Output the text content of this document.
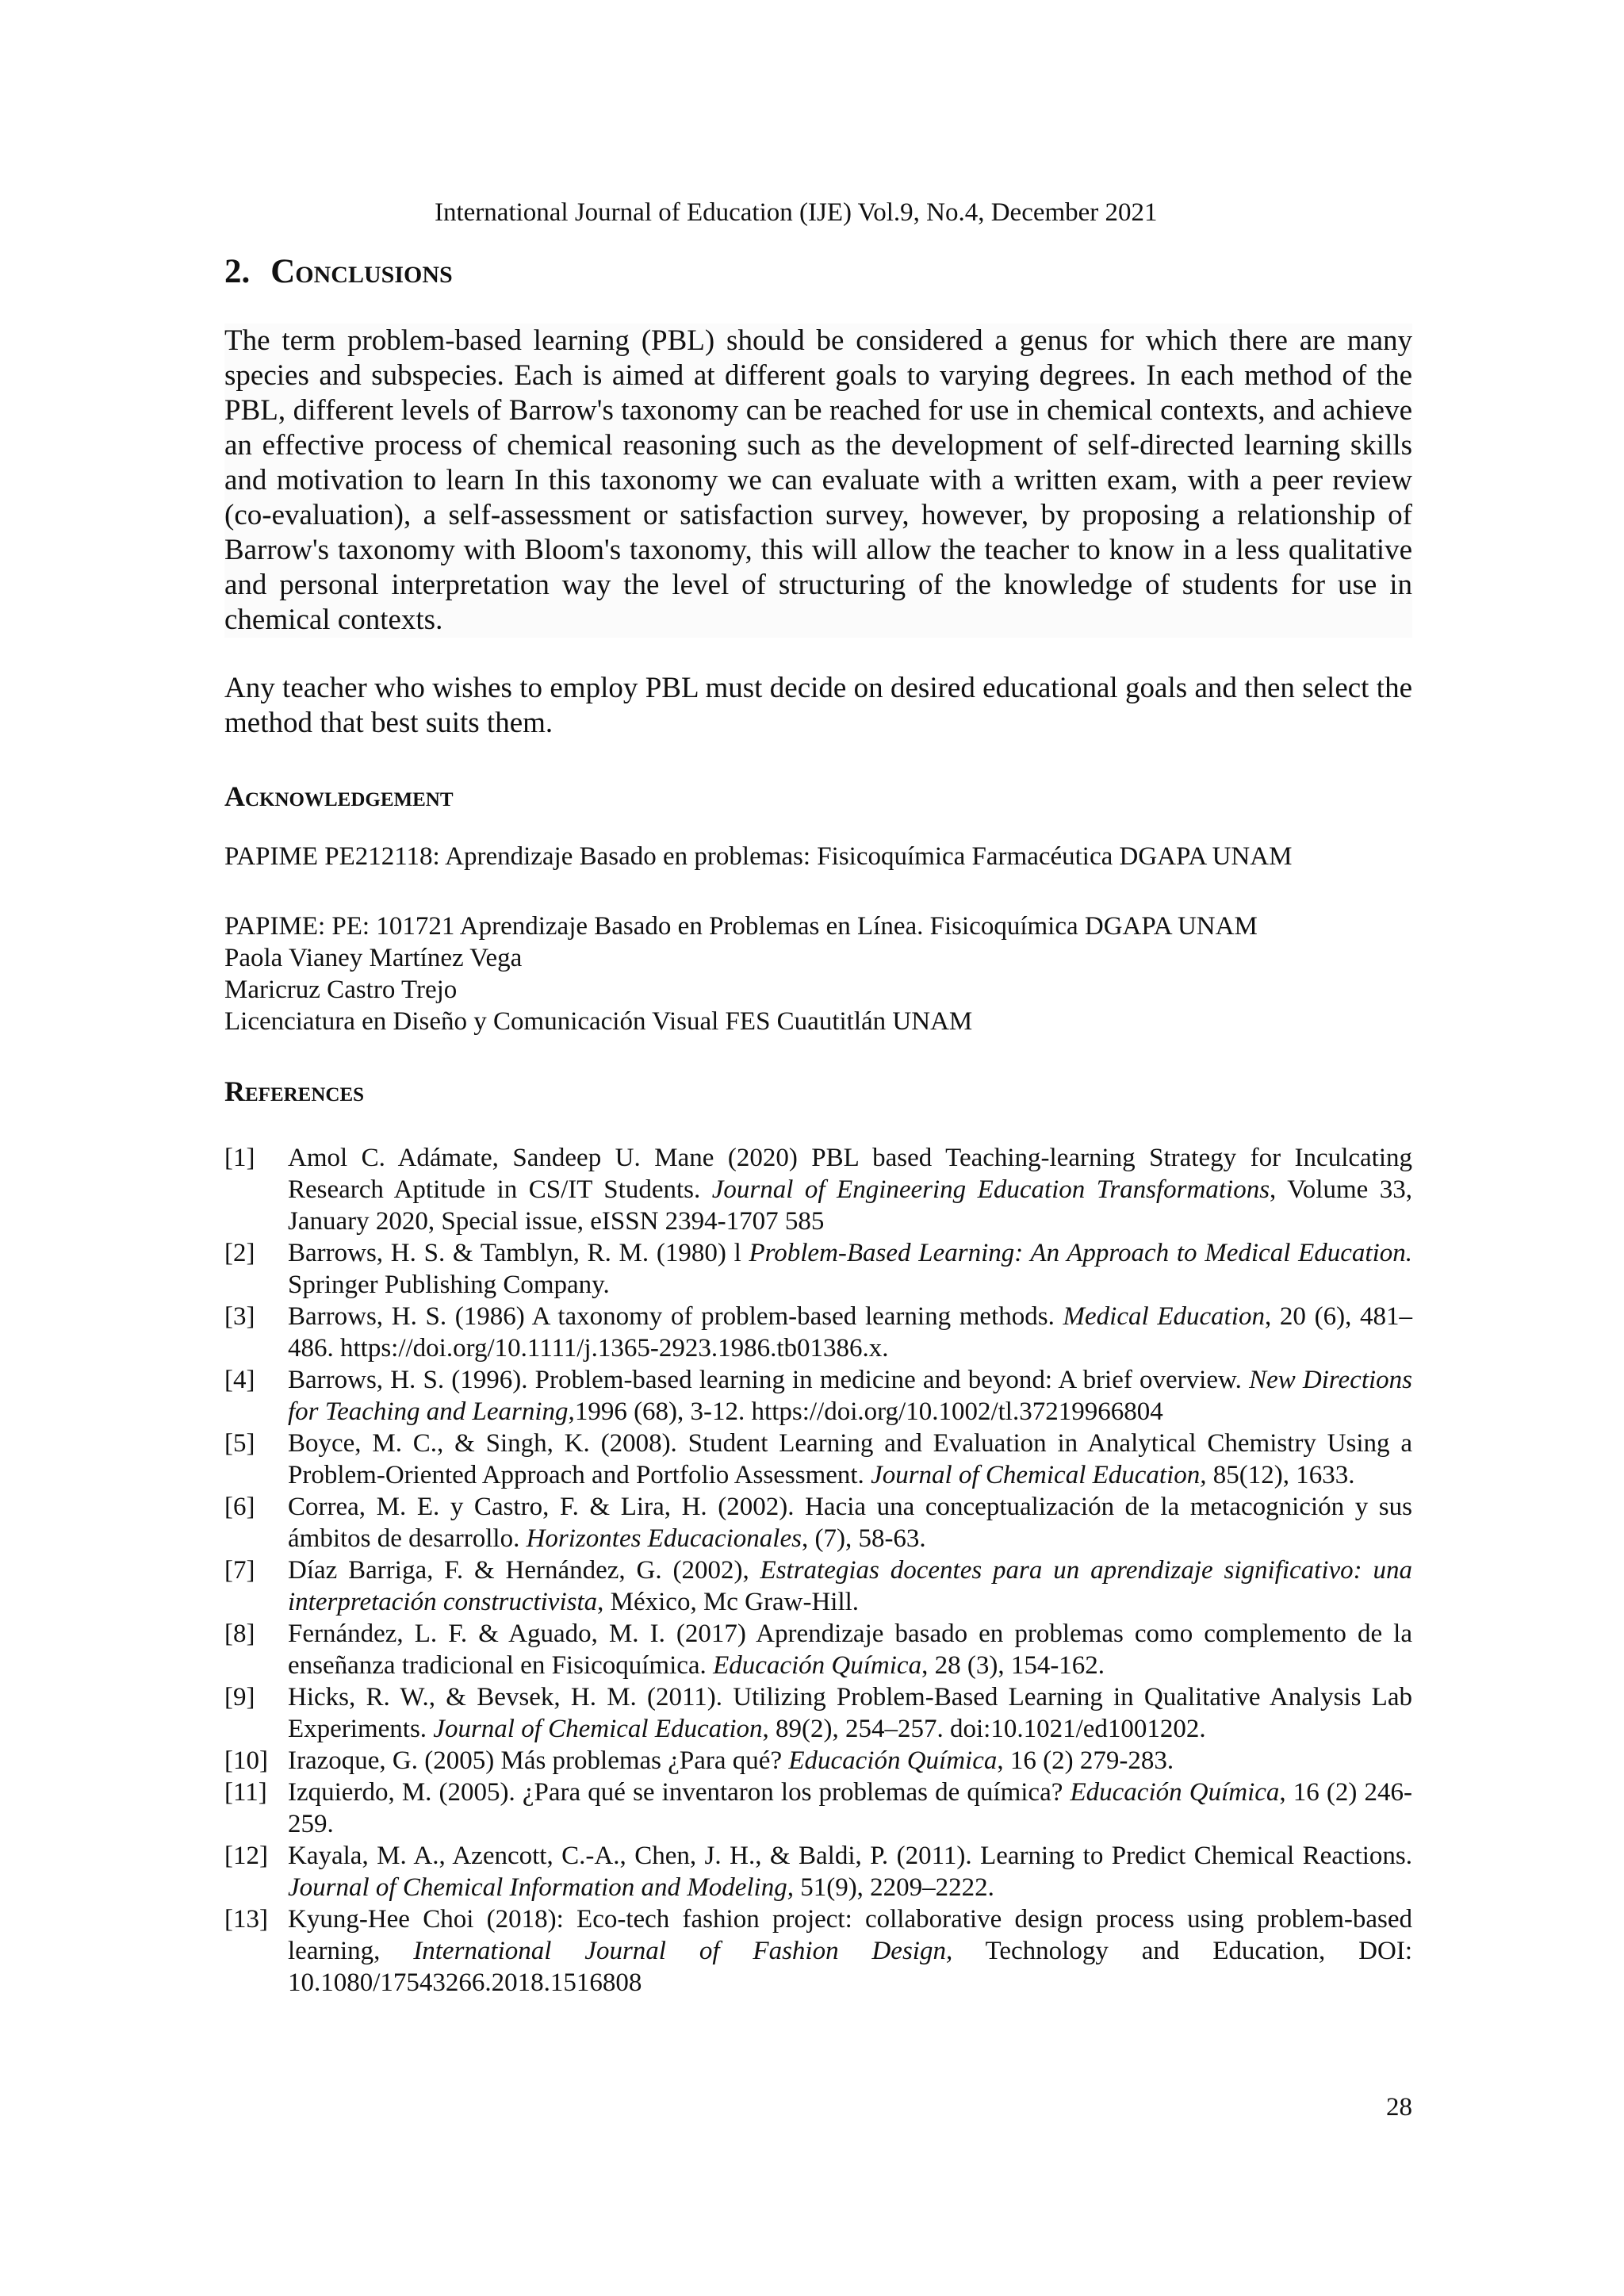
International Journal of Education (IJE) Vol.9, No.4, December 2021
2. Conclusions
The term problem-based learning (PBL) should be considered a genus for which there are many species and subspecies. Each is aimed at different goals to varying degrees. In each method of the PBL, different levels of Barrow's taxonomy can be reached for use in chemical contexts, and achieve an effective process of chemical reasoning such as the development of self-directed learning skills and motivation to learn In this taxonomy we can evaluate with a written exam, with a peer review (co-evaluation), a self-assessment or satisfaction survey, however, by proposing a relationship of Barrow's taxonomy with Bloom's taxonomy, this will allow the teacher to know in a less qualitative and personal interpretation way the level of structuring of the knowledge of students for use in chemical contexts.
Any teacher who wishes to employ PBL must decide on desired educational goals and then select the method that best suits them.
Acknowledgement
PAPIME PE212118: Aprendizaje Basado en problemas: Fisicoquímica Farmacéutica DGAPA UNAM
PAPIME: PE: 101721 Aprendizaje Basado en Problemas en Línea. Fisicoquímica DGAPA UNAM
Paola Vianey Martínez Vega
Maricruz Castro Trejo
Licenciatura en Diseño y Comunicación Visual FES Cuautitlán UNAM
References
[1] Amol C. Adámate, Sandeep U. Mane (2020) PBL based Teaching-learning Strategy for Inculcating Research Aptitude in CS/IT Students. Journal of Engineering Education Transformations, Volume 33, January 2020, Special issue, eISSN 2394-1707 585
[2] Barrows, H. S. & Tamblyn, R. M. (1980) l Problem-Based Learning: An Approach to Medical Education. Springer Publishing Company.
[3] Barrows, H. S. (1986) A taxonomy of problem-based learning methods. Medical Education, 20 (6), 481–486. https://doi.org/10.1111/j.1365-2923.1986.tb01386.x.
[4] Barrows, H. S. (1996). Problem-based learning in medicine and beyond: A brief overview. New Directions for Teaching and Learning,1996 (68), 3-12. https://doi.org/10.1002/tl.37219966804
[5] Boyce, M. C., & Singh, K. (2008). Student Learning and Evaluation in Analytical Chemistry Using a Problem-Oriented Approach and Portfolio Assessment. Journal of Chemical Education, 85(12), 1633.
[6] Correa, M. E. y Castro, F. & Lira, H. (2002). Hacia una conceptualización de la metacognición y sus ámbitos de desarrollo. Horizontes Educacionales, (7), 58-63.
[7] Díaz Barriga, F. & Hernández, G. (2002), Estrategias docentes para un aprendizaje significativo: una interpretación constructivista, México, Mc Graw-Hill.
[8] Fernández, L. F. & Aguado, M. I. (2017) Aprendizaje basado en problemas como complemento de la enseñanza tradicional en Fisicoquímica. Educación Química, 28 (3), 154-162.
[9] Hicks, R. W., & Bevsek, H. M. (2011). Utilizing Problem-Based Learning in Qualitative Analysis Lab Experiments. Journal of Chemical Education, 89(2), 254–257. doi:10.1021/ed1001202.
[10] Irazoque, G. (2005) Más problemas ¿Para qué? Educación Química, 16 (2) 279-283.
[11] Izquierdo, M. (2005). ¿Para qué se inventaron los problemas de química? Educación Química, 16 (2) 246-259.
[12] Kayala, M. A., Azencott, C.-A., Chen, J. H., & Baldi, P. (2011). Learning to Predict Chemical Reactions. Journal of Chemical Information and Modeling, 51(9), 2209–2222.
[13] Kyung-Hee Choi (2018): Eco-tech fashion project: collaborative design process using problem-based learning, International Journal of Fashion Design, Technology and Education, DOI: 10.1080/17543266.2018.1516808
28
